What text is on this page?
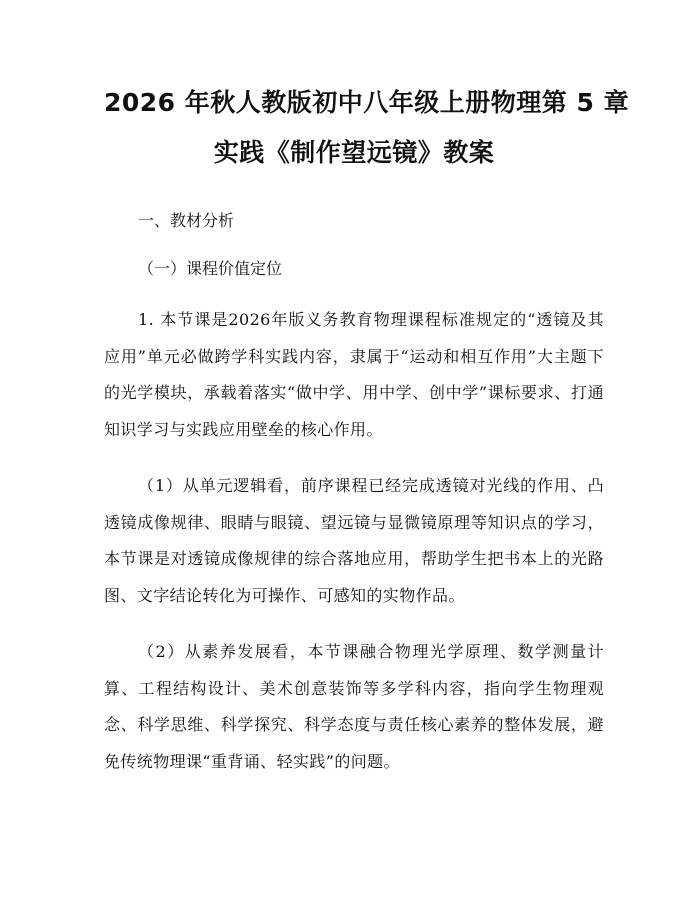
2026 年秋人教版初中八年级上册物理第 5 章
实践《制作望远镜》教案

一、教材分析

（一）课程价值定位

1. 本节课是2026年版义务教育物理课程标准规定的“透镜及其应用”单元必做跨学科实践内容，隶属于“运动和相互作用”大主题下的光学模块，承载着落实“做中学、用中学、创中学”课标要求、打通知识学习与实践应用壁垒的核心作用。

（1）从单元逻辑看，前序课程已经完成透镜对光线的作用、凸透镜成像规律、眼睛与眼镜、望远镜与显微镜原理等知识点的学习，本节课是对透镜成像规律的综合落地应用，帮助学生把书本上的光路图、文字结论转化为可操作、可感知的实物作品。

（2）从素养发展看，本节课融合物理光学原理、数学测量计算、工程结构设计、美术创意装饰等多学科内容，指向学生物理观念、科学思维、科学探究、科学态度与责任核心素养的整体发展，避免传统物理课“重背诵、轻实践”的问题。
